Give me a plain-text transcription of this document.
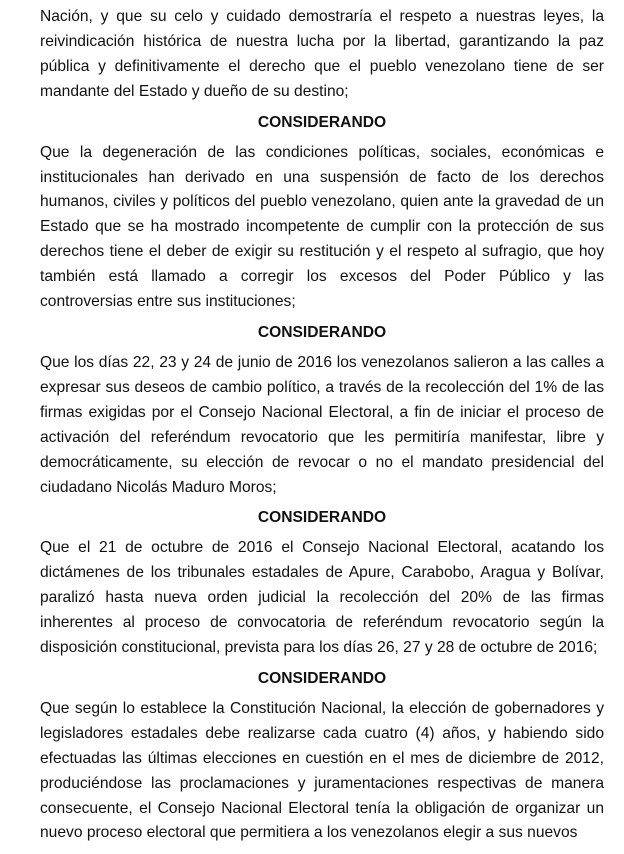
Nación, y que su celo y cuidado demostraría el respeto a nuestras leyes, la reivindicación histórica de nuestra lucha por la libertad, garantizando la paz pública y definitivamente el derecho que el pueblo venezolano tiene de ser mandante del Estado y dueño de su destino;

CONSIDERANDO

Que la degeneración de las condiciones políticas, sociales, económicas e institucionales han derivado en una suspensión de facto de los derechos humanos, civiles y políticos del pueblo venezolano, quien ante la gravedad de un Estado que se ha mostrado incompetente de cumplir con la protección de sus derechos tiene el deber de exigir su restitución y el respeto al sufragio, que hoy también está llamado a corregir los excesos del Poder Público y las controversias entre sus instituciones;

CONSIDERANDO

Que los días 22, 23 y 24 de junio de 2016 los venezolanos salieron a las calles a expresar sus deseos de cambio político, a través de la recolección del 1% de las firmas exigidas por el Consejo Nacional Electoral, a fin de iniciar el proceso de activación del referéndum revocatorio que les permitiría manifestar, libre y democráticamente, su elección de revocar o no el mandato presidencial del ciudadano Nicolás Maduro Moros;

CONSIDERANDO

Que el 21 de octubre de 2016 el Consejo Nacional Electoral, acatando los dictámenes de los tribunales estadales de Apure, Carabobo, Aragua y Bolívar, paralizó hasta nueva orden judicial la recolección del 20% de las firmas inherentes al proceso de convocatoria de referéndum revocatorio según la disposición constitucional, prevista para los días 26, 27 y 28 de octubre de 2016;

CONSIDERANDO

Que según lo establece la Constitución Nacional, la elección de gobernadores y legisladores estadales debe realizarse cada cuatro (4) años, y habiendo sido efectuadas las últimas elecciones en cuestión en el mes de diciembre de 2012, produciéndose las proclamaciones y juramentaciones respectivas de manera consecuente, el Consejo Nacional Electoral tenía la obligación de organizar un nuevo proceso electoral que permitiera a los venezolanos elegir a sus nuevos
